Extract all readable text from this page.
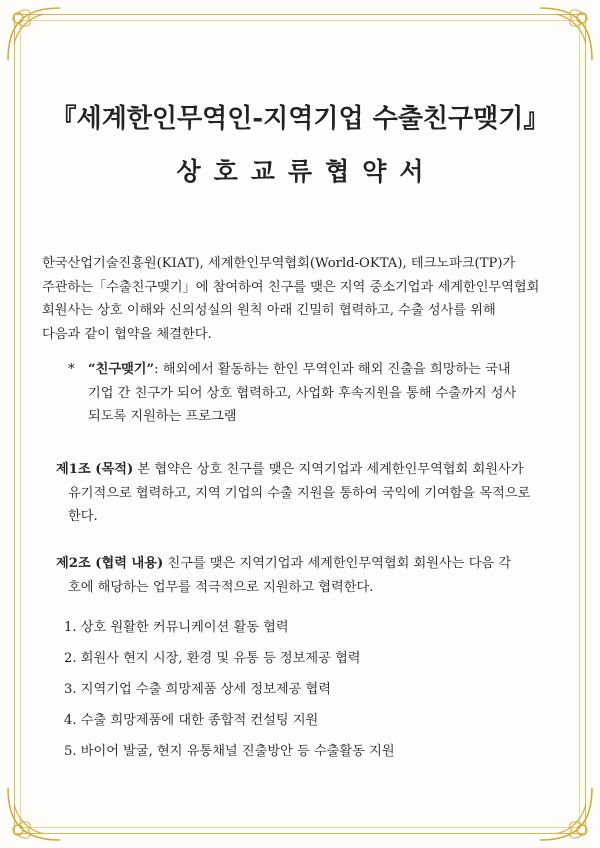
『세계한인무역인-지역기업 수출친구맺기』
상호교류협약서
한국산업기술진흥원(KIAT), 세계한인무역협회(World-OKTA), 테크노파크(TP)가
주관하는「수출친구맺기」에 참여하여 친구를 맺은 지역 중소기업과 세계한인무역협회
회원사는 상호 이해와 신의성실의 원칙 아래 긴밀히 협력하고, 수출 성사를 위해
다음과 같이 협약을 체결한다.
* “친구맺기”: 해외에서 활동하는 한인 무역인과 해외 진출을 희망하는 국내
기업 간 친구가 되어 상호 협력하고, 사업화 후속지원을 통해 수출까지 성사
되도록 지원하는 프로그램
제1조 (목적) 본 협약은 상호 친구를 맺은 지역기업과 세계한인무역협회 회원사가
유기적으로 협력하고, 지역 기업의 수출 지원을 통하여 국익에 기여함을 목적으로
한다.
제2조 (협력 내용) 친구를 맺은 지역기업과 세계한인무역협회 회원사는 다음 각
호에 해당하는 업무를 적극적으로 지원하고 협력한다.
1. 상호 원활한 커뮤니케이션 활동 협력
2. 회원사 현지 시장, 환경 및 유통 등 정보제공 협력
3. 지역기업 수출 희망제품 상세 정보제공 협력
4. 수출 희망제품에 대한 종합적 컨설팅 지원
5. 바이어 발굴, 현지 유통채널 진출방안 등 수출활동 지원
